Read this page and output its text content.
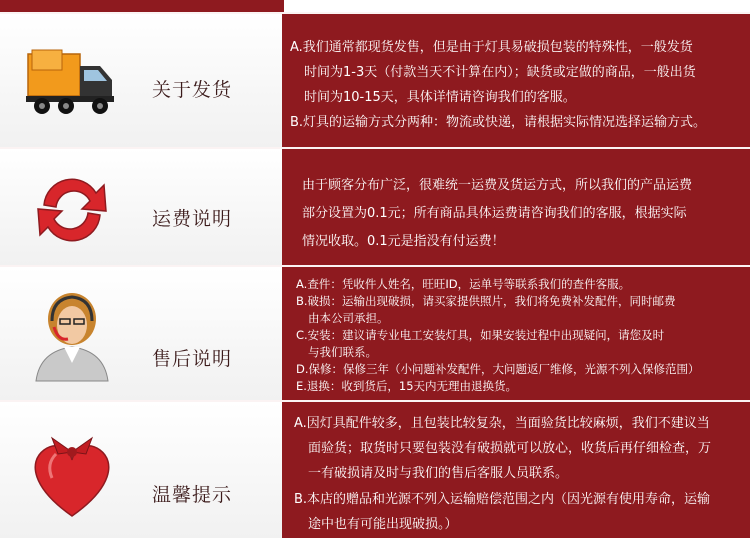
关于发货
A.我们通常都现货发售，但是由于灯具易破损包装的特殊性，一般发货
时间为1-3天（付款当天不计算在内）；缺货或定做的商品，一般出货
时间为10-15天，具体详情请咨询我们的客服。
B.灯具的运输方式分两种：物流或快递，请根据实际情况选择运输方式。
运费说明
由于顾客分布广泛，很难统一运费及货运方式，所以我们的产品运费
部分设置为0.1元；所有商品具体运费请咨询我们的客服，根据实际
情况收取。0.1元是指没有付运费！
售后说明
A.查件：凭收件人姓名，旺旺ID，运单号等联系我们的查件客服。
B.破损：运输出现破损，请买家提供照片，我们将免费补发配件，同时邮费
由本公司承担。
C.安装：建议请专业电工安装灯具，如果安装过程中出现疑问，请您及时
与我们联系。
D.保修：保修三年（小问题补发配件，大问题返厂维修，光源不列入保修范围）
E.退换：收到货后，15天内无理由退换货。
温馨提示
A.因灯具配件较多，且包装比较复杂，当面验货比较麻烦，我们不建议当
面验货；取货时只要包装没有破损就可以放心，收货后再仔细检查，万
一有破损请及时与我们的售后客服人员联系。
B.本店的赠品和光源不列入运输赔偿范围之内（因光源有使用寿命，运输
途中也有可能出现破损。）
